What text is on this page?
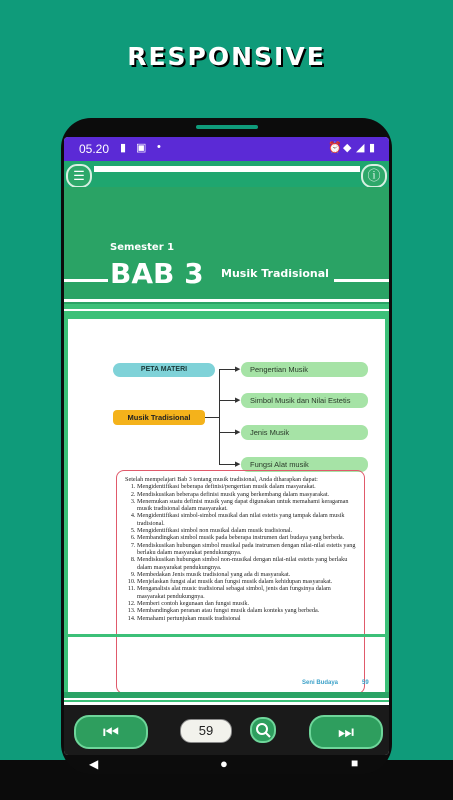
RESPONSIVE
05.20 ▮ ▣ •	⏰ ◆ ◢ ▮
☰	ⓘ
Semester 1
BAB 3 Musik Tradisional
PETA MATERI
Musik Tradisional
▶
▶
▶
▶
Pengertian Musik
Simbol Musik dan Nilai Estetis
Jenis Musik
Fungsi Alat musik
Setelah mempelajari Bab 3 tentang musik tradisional, Anda diharapkan dapat:
1. Mengidentifikasi beberapa definisi/pengertian musik dalam masyarakat.
2. Mendiskusikan beberapa definisi musik yang berkembang dalam masyarakat.
3. Menemukan suatu definisi musik yang dapat digunakan untuk memahami keragaman musik tradisional dalam masyarakat.
4. Mengidentifikasi simbol-simbol musikal dan nilai estetis yang tampak dalam musik tradisional.
5. Mengidentifikasi simbol non musikal dalam musik tradisional.
6. Membandingkan simbol musik pada beberapa instrumen dari budaya yang berbeda.
7. Mendiskusikan hubungan simbol musikal pada instrumen dengan nilai-nilai estetis yang berlaku dalam masyarakat pendukungnya.
8. Mendiskusikan hubungan simbol non-musikal dengan nilai-nilai estetis yang berlaku dalam masyarakat pendukungnya.
9. Membedakan Jenis musik tradisional yang ada di masyarakat.
10. Menjelaskan fungsi alat musik dan fungsi musik dalam kehidupan masyarakat.
11. Menganalisis alat music tradisional sebagai simbol, jenis dan fungsinya dalam masyarakat pendukungnya.
12. Memberi contoh kegunaan dan fungsi musik.
13. Membandingkan peranan atau fungsi musik dalam konteks yang berbeda.
14. Memahami pertunjukan musik tradisional
Seni Budaya	59
⏮	59	⏭
◀	●	■
